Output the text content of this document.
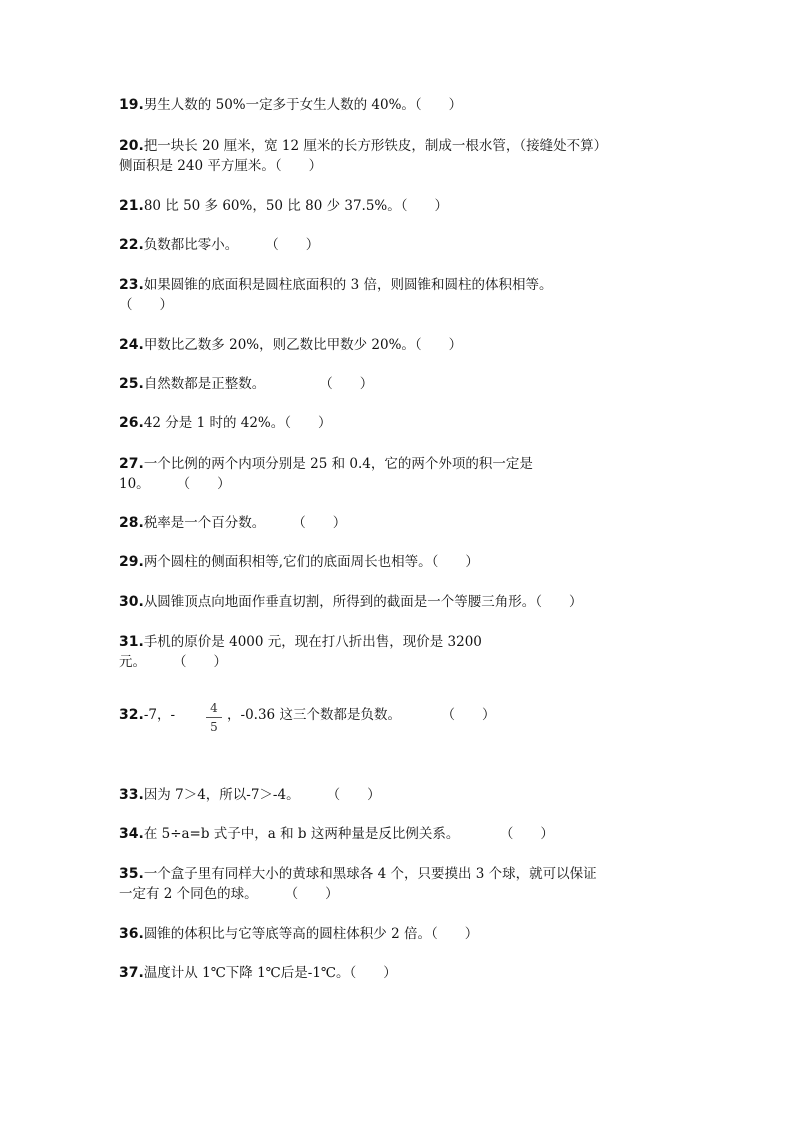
19.男生人数的 50%一定多于女生人数的 40%。（　　）
20.把一块长 20 厘米，宽 12 厘米的长方形铁皮，制成一根水管，（接缝处不算）
侧面积是 240 平方厘米。（　　）
21.80 比 50 多 60%，50 比 80 少 37.5%。（　　）
22.负数都比零小。　　　（　　）
23.如果圆锥的底面积是圆柱底面积的 3 倍，则圆锥和圆柱的体积相等。
（　　）
24.甲数比乙数多 20%，则乙数比甲数少 20%。（　　）
25.自然数都是正整数。　　　　　（　　）
26.42 分是 1 时的 42%。（　　）
27.一个比例的两个内项分别是 25 和 0.4，它的两个外项的积一定是
10。　　　（　　）
28.税率是一个百分数。　　　（　　）
29.两个圆柱的侧面积相等,它们的底面周长也相等。（　　）
30.从圆锥顶点向地面作垂直切割，所得到的截面是一个等腰三角形。（　　）
31.手机的原价是 4000 元，现在打八折出售，现价是 3200
元。　　　（　　）
32.-7，-	，-0.36 这三个数都是负数。　　　　（　　）
4
5
33.因为 7＞4，所以-7＞-4。　　　（　　）
34.在 5÷a=b 式子中，a 和 b 这两种量是反比例关系。　　　　（　　）
35.一个盒子里有同样大小的黄球和黑球各 4 个，只要摸出 3 个球，就可以保证
一定有 2 个同色的球。　　　（　　）
36.圆锥的体积比与它等底等高的圆柱体积少 2 倍。（　　）
37.温度计从 1℃下降 1℃后是-1℃。（　　）
